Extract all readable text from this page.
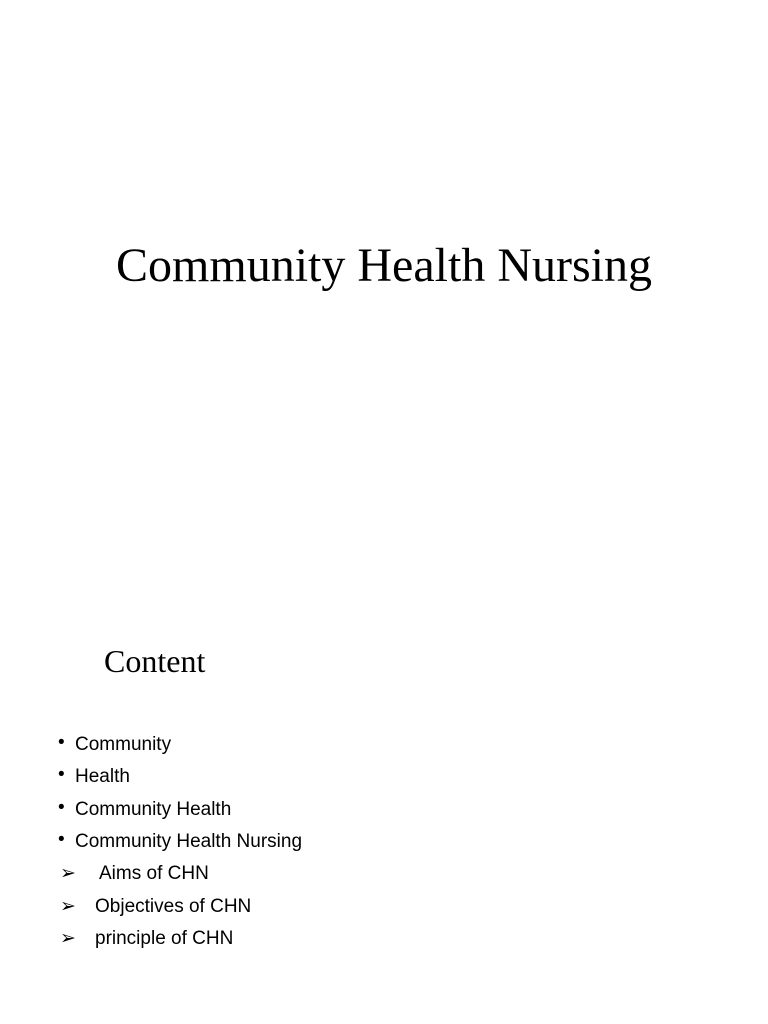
Community Health Nursing
Content
• Community
• Health
• Community Health
• Community Health Nursing
➢	Aims of CHN
➢	Objectives of CHN
➢	principle of CHN
